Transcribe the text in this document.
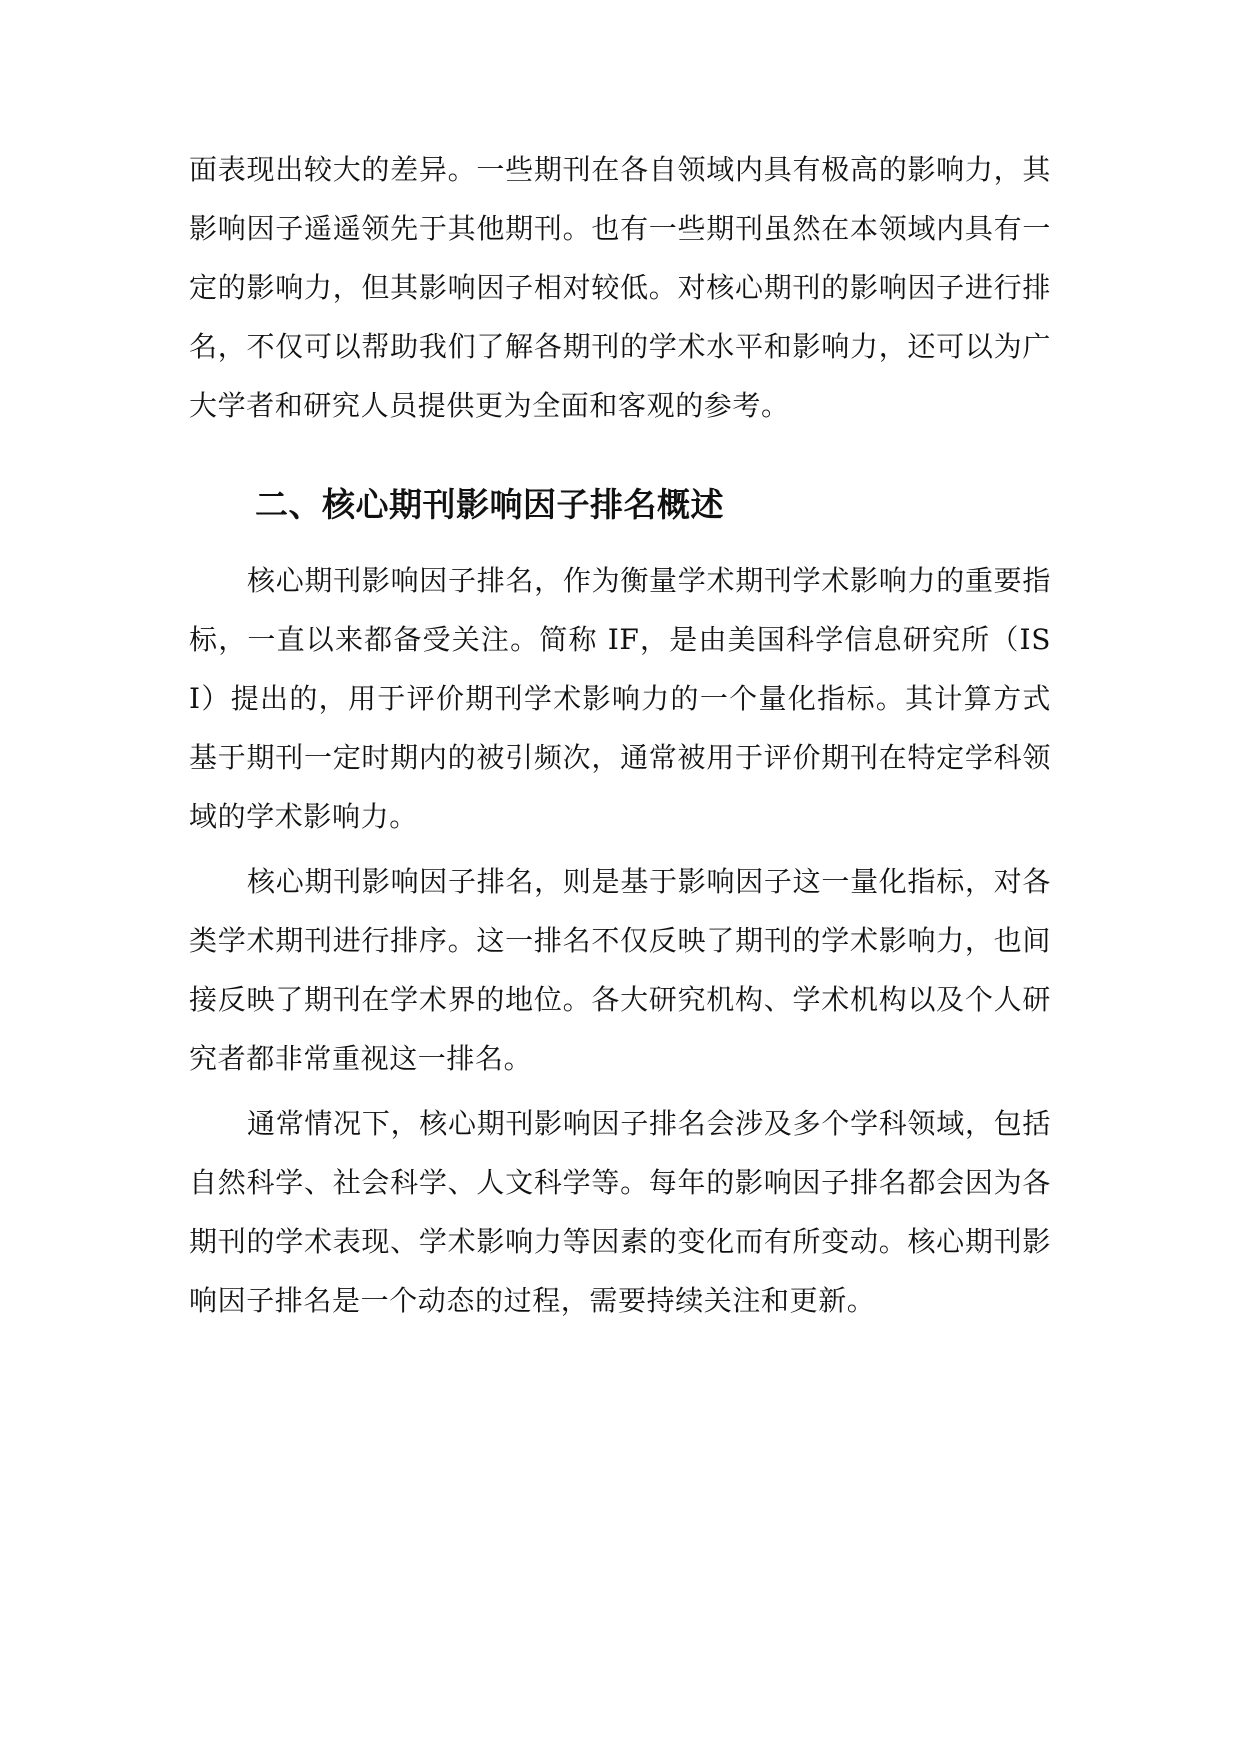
面表现出较大的差异。一些期刊在各自领域内具有极高的影响力，其影响因子遥遥领先于其他期刊。也有一些期刊虽然在本领域内具有一定的影响力，但其影响因子相对较低。对核心期刊的影响因子进行排名，不仅可以帮助我们了解各期刊的学术水平和影响力，还可以为广大学者和研究人员提供更为全面和客观的参考。

二、核心期刊影响因子排名概述

核心期刊影响因子排名，作为衡量学术期刊学术影响力的重要指标，一直以来都备受关注。简称 IF，是由美国科学信息研究所（ISI）提出的，用于评价期刊学术影响力的一个量化指标。其计算方式基于期刊一定时期内的被引频次，通常被用于评价期刊在特定学科领域的学术影响力。

核心期刊影响因子排名，则是基于影响因子这一量化指标，对各类学术期刊进行排序。这一排名不仅反映了期刊的学术影响力，也间接反映了期刊在学术界的地位。各大研究机构、学术机构以及个人研究者都非常重视这一排名。

通常情况下，核心期刊影响因子排名会涉及多个学科领域，包括自然科学、社会科学、人文科学等。每年的影响因子排名都会因为各期刊的学术表现、学术影响力等因素的变化而有所变动。核心期刊影响因子排名是一个动态的过程，需要持续关注和更新。
